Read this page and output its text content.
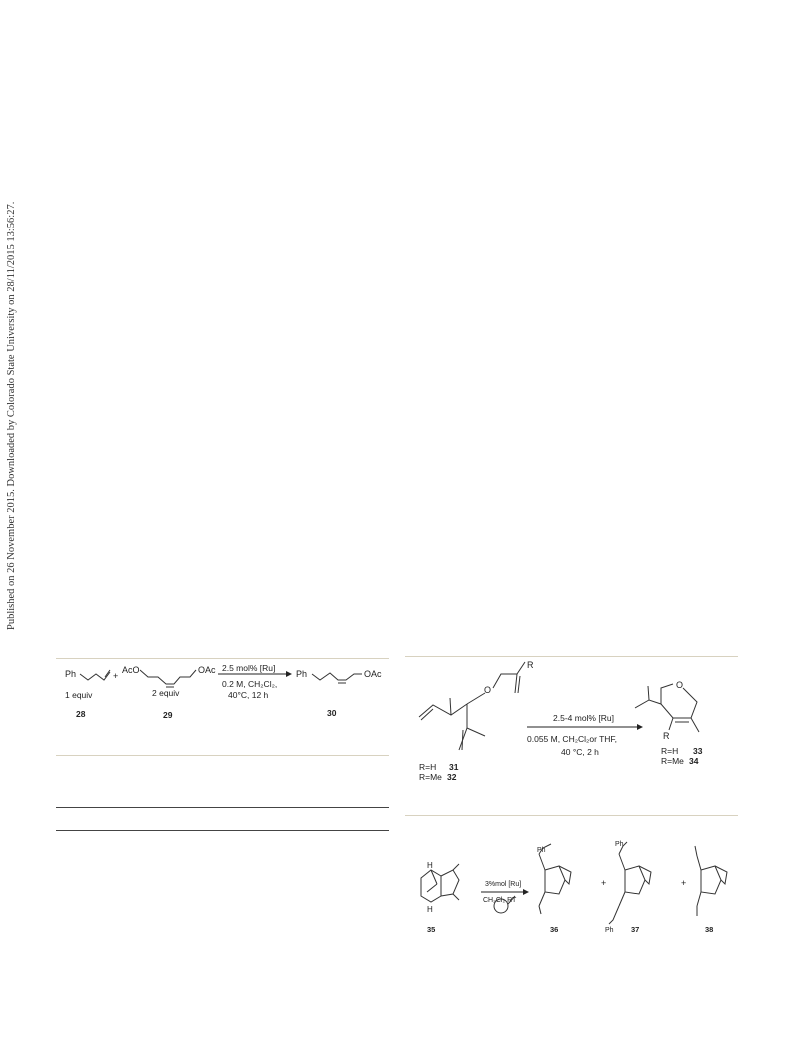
Published on 26 November 2015. Downloaded by Colorado State University on 28/11/2015 13:56:27.
Ph	+
AcO	OAc 2.5 mol% [Ru]
0.2 M, CH₂Cl₂,
40°C, 12 h
Ph	OAc
1 equiv	2 equiv
28	29	30
R
O
2.5-4 mol% [Ru]
0.055 M, CH₂Cl₂or THF,
40 °C, 2 h
O
R
R=H 31
R=Me 32
R=H 33
R=Me 34
H
H
3%mol [Ru]
CH₂Cl₂ RT
Ph
+
Ph
Ph
+
35	36	37	38
